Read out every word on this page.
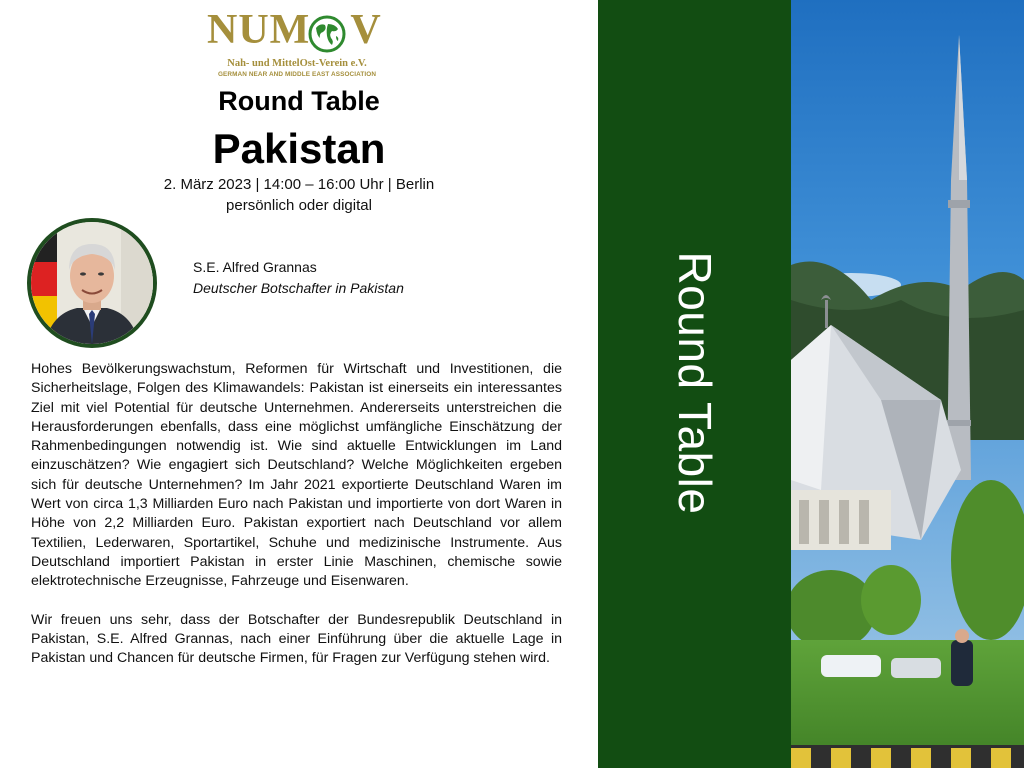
NUM V
Nah- und MittelOst-Verein e.V.
GERMAN NEAR AND MIDDLE EAST ASSOCIATION
Round Table
Pakistan
2. März 2023 | 14:00 – 16:00 Uhr | Berlin
persönlich oder digital
S.E. Alfred Grannas
Deutscher Botschafter in Pakistan

Hohes Bevölkerungswachstum, Reformen für Wirtschaft und Investitionen, die Sicherheitslage, Folgen des Klimawandels: Pakistan ist einerseits ein interessantes Ziel mit viel Potential für deutsche Unternehmen. Andererseits unterstreichen die Herausforderungen ebenfalls, dass eine möglichst umfängliche Einschätzung der Rahmenbedingungen notwendig ist. Wie sind aktuelle Entwicklungen im Land einzuschätzen? Wie engagiert sich Deutschland? Welche Möglichkeiten ergeben sich für deutsche Unternehmen? Im Jahr 2021 exportierte Deutschland Waren im Wert von circa 1,3 Milliarden Euro nach Pakistan und importierte von dort Waren in Höhe von 2,2 Milliarden Euro. Pakistan exportiert nach Deutschland vor allem Textilien, Lederwaren, Sportartikel, Schuhe und medizinische Instrumente. Aus Deutschland importiert Pakistan in erster Linie Maschinen, chemische sowie elektrotechnische Erzeugnisse, Fahrzeuge und Eisenwaren.

Wir freuen uns sehr, dass der Botschafter der Bundesrepublik Deutschland in Pakistan, S.E. Alfred Grannas, nach einer Einführung über die aktuelle Lage in Pakistan und Chancen für deutsche Firmen, für Fragen zur Verfügung stehen wird.

Round Table
